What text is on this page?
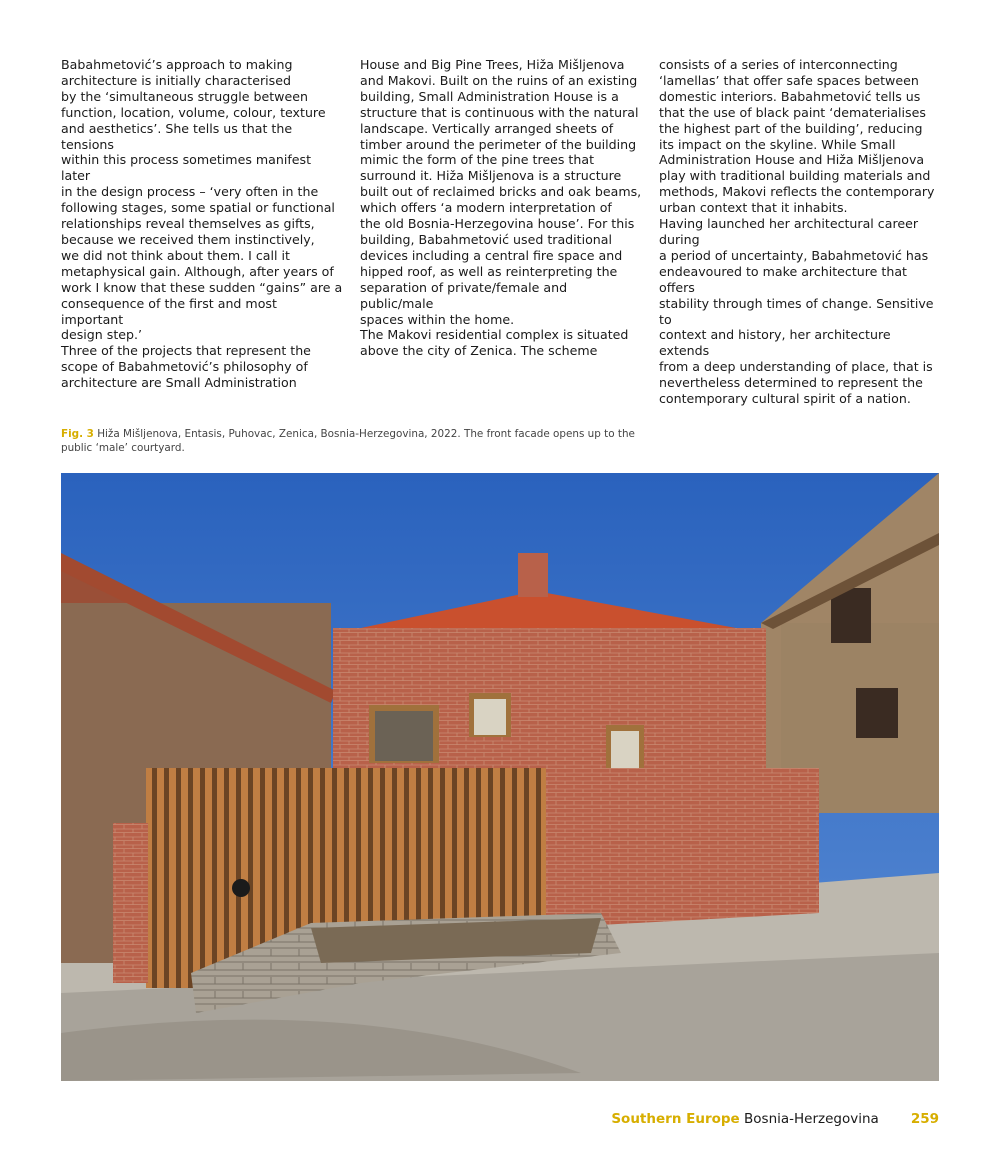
Babahmetović’s approach to making
architecture is initially characterised
by the ‘simultaneous struggle between
function, location, volume, colour, texture
and aesthetics’. She tells us that the tensions
within this process sometimes manifest later
in the design process – ‘very often in the
following stages, some spatial or functional
relationships reveal themselves as gifts,
because we received them instinctively,
we did not think about them. I call it
metaphysical gain. Although, after years of
work I know that these sudden “gains” are a
consequence of the first and most important
design step.’

Three of the projects that represent the
scope of Babahmetović’s philosophy of
architecture are Small Administration

House and Big Pine Trees, Hiža Mišljenova
and Makovi. Built on the ruins of an existing
building, Small Administration House is a
structure that is continuous with the natural
landscape. Vertically arranged sheets of
timber around the perimeter of the building
mimic the form of the pine trees that
surround it. Hiža Mišljenova is a structure
built out of reclaimed bricks and oak beams,
which offers ‘a modern interpretation of
the old Bosnia-Herzegovina house’. For this
building, Babahmetović used traditional
devices including a central fire space and
hipped roof, as well as reinterpreting the
separation of private/female and public/male
spaces within the home.

The Makovi residential complex is situated
above the city of Zenica. The scheme

consists of a series of interconnecting
‘lamellas’ that offer safe spaces between
domestic interiors. Babahmetović tells us
that the use of black paint ‘dematerialises
the highest part of the building’, reducing
its impact on the skyline. While Small
Administration House and Hiža Mišljenova
play with traditional building materials and
methods, Makovi reflects the contemporary
urban context that it inhabits.

Having launched her architectural career during
a period of uncertainty, Babahmetović has
endeavoured to make architecture that offers
stability through times of change. Sensitive to
context and history, her architecture extends
from a deep understanding of place, that is
nevertheless determined to represent the
contemporary cultural spirit of a nation.

Fig. 3 Hiža Mišljenova, Entasis, Puhovac, Zenica, Bosnia-Herzegovina, 2022. The front facade opens up to the
public ‘male’ courtyard.
Southern Europe Bosnia-Herzegovina 259
